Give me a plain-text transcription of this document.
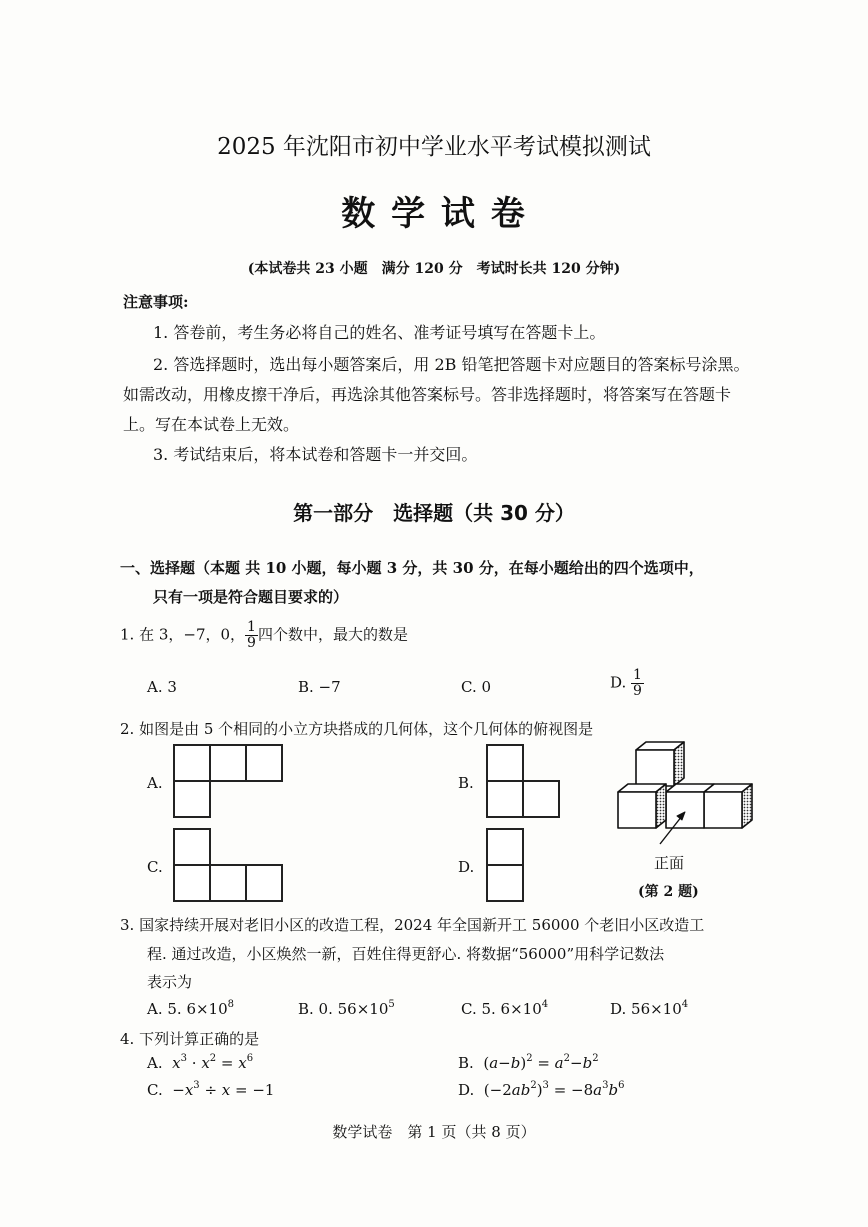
2025 年沈阳市初中学业水平考试模拟测试
数 学 试 卷
(本试卷共 23 小题　满分 120 分　考试时长共 120 分钟)
注意事项:
1. 答卷前，考生务必将自己的姓名、准考证号填写在答题卡上。
2. 答选择题时，选出每小题答案后，用 2B 铅笔把答题卡对应题目的答案标号涂黑。
如需改动，用橡皮擦干净后，再选涂其他答案标号。答非选择题时，将答案写在答题卡
上。写在本试卷上无效。
3. 考试结束后，将本试卷和答题卡一并交回。
第一部分　选择题（共 30 分）
一、选择题（本题 共 10 小题，每小题 3 分，共 30 分，在每小题给出的四个选项中，
只有一项是符合题目要求的）
1. 在 3，−7，0， $\frac{1}{9}$ 四个数中，最大的数是
A. 3	B. −7	C. 0	D. $\frac{1}{9}$
2. 如图是由 5 个相同的小立方块搭成的几何体，这个几何体的俯视图是
A.	B.
C.	D.	正面
(第 2 题)
3. 国家持续开展对老旧小区的改造工程，2024 年全国新开工 56000 个老旧小区改造工
程. 通过改造，小区焕然一新，百姓住得更舒心. 将数据“56000”用科学记数法
表示为
A. 5. $6\times 10^8$	B. 0. $56\times 10^5$	C. 5. $6\times 10^4$	D. $56\times 10^4$
4. 下列计算正确的是
A. $x^3 \cdot x^2 = x^6$	B.  $(a-b)^2 = a^2-b^2$
C.  $-x^3 \div x = -1$	D.  $(-2ab^2)^3 = -8a^3b^6$
数学试卷　第 1 页（共 8 页）
